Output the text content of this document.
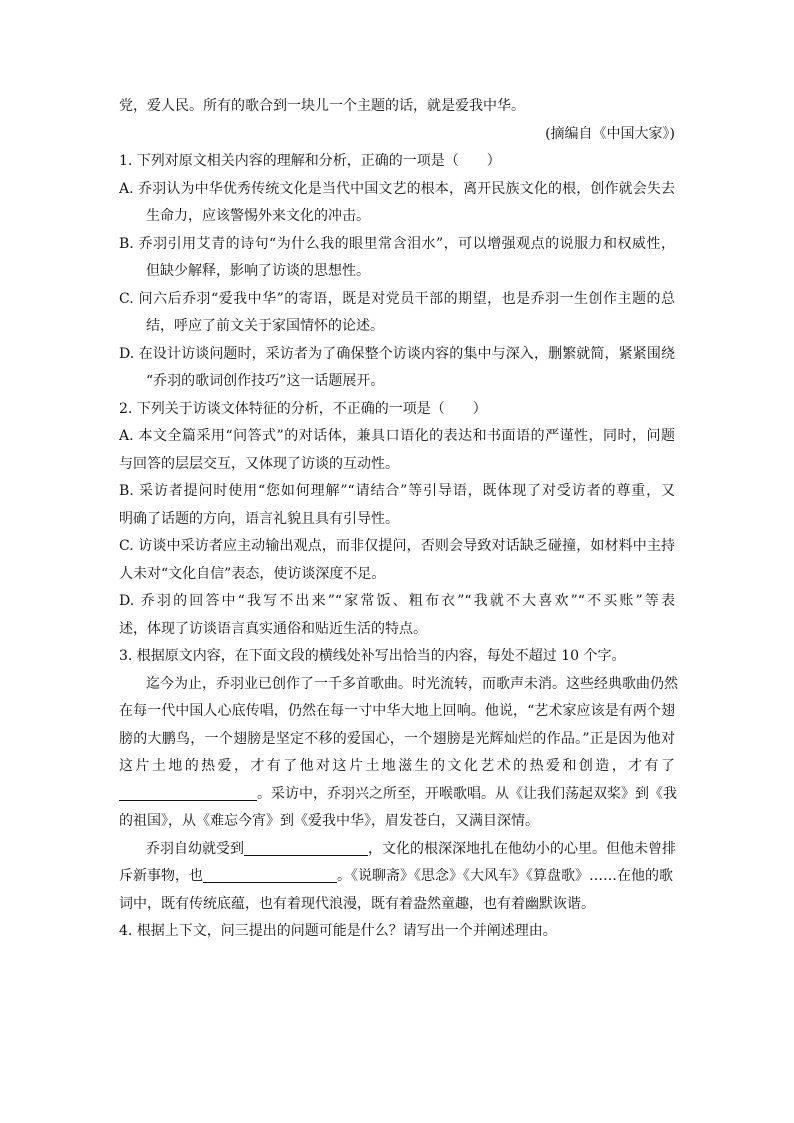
党，爱人民。所有的歌合到一块儿一个主题的话，就是爱我中华。
(摘编自《中国大家》)
1. 下列对原文相关内容的理解和分析，正确的一项是（　　）
A. 乔羽认为中华优秀传统文化是当代中国文艺的根本，离开民族文化的根，创作就会失去
生命力，应该警惕外来文化的冲击。
B. 乔羽引用艾青的诗句“为什么我的眼里常含泪水”，可以增强观点的说服力和权威性，
但缺少解释，影响了访谈的思想性。
C. 问六后乔羽“爱我中华”的寄语，既是对党员干部的期望，也是乔羽一生创作主题的总
结，呼应了前文关于家国情怀的论述。
D. 在设计访谈问题时，采访者为了确保整个访谈内容的集中与深入，删繁就简，紧紧围绕
“乔羽的歌词创作技巧”这一话题展开。
2. 下列关于访谈文体特征的分析，不正确的一项是（　　）
A. 本文全篇采用“问答式”的对话体，兼具口语化的表达和书面语的严谨性，同时，问题
与回答的层层交互，又体现了访谈的互动性。
B. 采访者提问时使用“您如何理解”“请结合”等引导语，既体现了对受访者的尊重，又
明确了话题的方向，语言礼貌且具有引导性。
C. 访谈中采访者应主动输出观点，而非仅提问，否则会导致对话缺乏碰撞，如材料中主持
人未对“文化自信”表态，使访谈深度不足。
D. 乔羽的回答中“我写不出来”“家常饭、粗布衣”“我就不大喜欢”“不买账”等表
述，体现了访谈语言真实通俗和贴近生活的特点。
3. 根据原文内容，在下面文段的横线处补写出恰当的内容，每处不超过 10 个字。
迄今为止，乔羽业已创作了一千多首歌曲。时光流转，而歌声未消。这些经典歌曲仍然
在每一代中国人心底传唱，仍然在每一寸中华大地上回响。他说，“艺术家应该是有两个翅
膀的大鹏鸟，一个翅膀是坚定不移的爱国心，一个翅膀是光辉灿烂的作品。”正是因为他对
这片土地的热爱，才有了他对这片土地滋生的文化艺术的热爱和创造，才有了
。采访中，乔羽兴之所至，开喉歌唱。从《让我们荡起双桨》到《我
的祖国》，从《难忘今宵》到《爱我中华》，眉发苍白，又满目深情。
乔羽自幼就受到	，文化的根深深地扎在他幼小的心里。但他未曾排
斥新事物，也	。《说聊斋》《思念》《大风车》《算盘歌》……在他的歌
词中，既有传统底蕴，也有着现代浪漫，既有着盎然童趣，也有着幽默诙谐。
4. 根据上下文，问三提出的问题可能是什么？请写出一个并阐述理由。
